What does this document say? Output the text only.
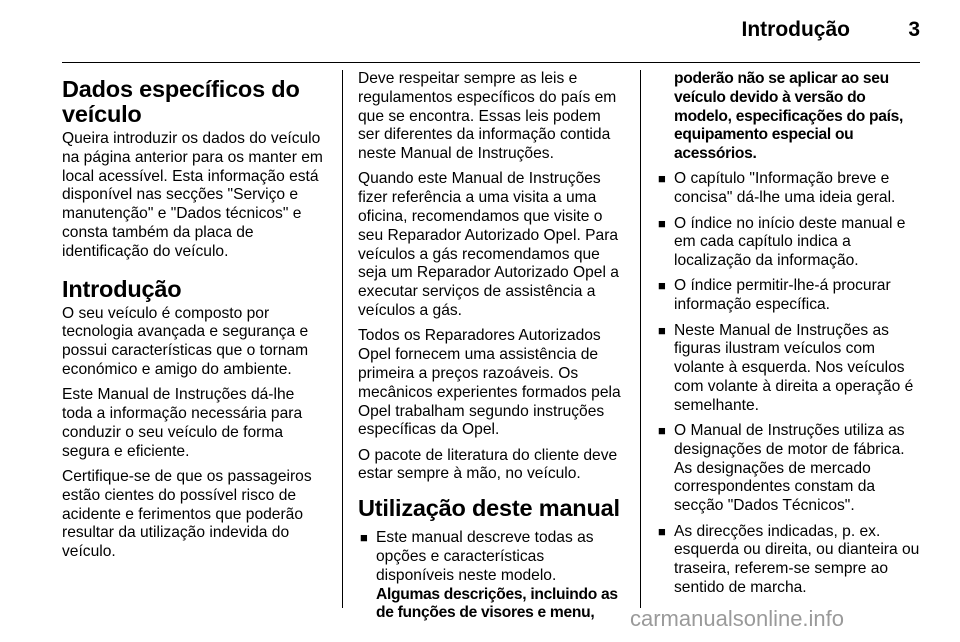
Introdução	3
Dados específicos do veículo

Queira introduzir os dados do veículo na página anterior para os manter em local acessível. Esta informação está disponível nas secções "Serviço e manutenção" e "Dados técnicos" e consta também da placa de identificação do veículo.

Introdução

O seu veículo é composto por tecnologia avançada e segurança e possui características que o tornam económico e amigo do ambiente.

Este Manual de Instruções dá-lhe toda a informação necessária para conduzir o seu veículo de forma segura e eficiente.

Certifique-se de que os passageiros estão cientes do possível risco de acidente e ferimentos que poderão resultar da utilização indevida do veículo.

Deve respeitar sempre as leis e regulamentos específicos do país em que se encontra. Essas leis podem ser diferentes da informação contida neste Manual de Instruções.

Quando este Manual de Instruções fizer referência a uma visita a uma oficina, recomendamos que visite o seu Reparador Autorizado Opel. Para veículos a gás recomendamos que seja um Reparador Autorizado Opel a executar serviços de assistência a veículos a gás.

Todos os Reparadores Autorizados Opel fornecem uma assistência de primeira a preços razoáveis. Os mecânicos experientes formados pela Opel trabalham segundo instruções específicas da Opel.

O pacote de literatura do cliente deve estar sempre à mão, no veículo.

Utilização deste manual
■ Este manual descreve todas as opções e características disponíveis neste modelo.
Algumas descrições, incluindo as de funções de visores e menu,

poderão não se aplicar ao seu veículo devido à versão do modelo, especificações do país, equipamento especial ou acessórios.

■ O capítulo "Informação breve e concisa" dá-lhe uma ideia geral.
■ O índice no início deste manual e em cada capítulo indica a localização da informação.
■ O índice permitir-lhe-á procurar informação específica.
■ Neste Manual de Instruções as figuras ilustram veículos com volante à esquerda. Nos veículos com volante à direita a operação é semelhante.
■ O Manual de Instruções utiliza as designações de motor de fábrica. As designações de mercado correspondentes constam da secção "Dados Técnicos".
■ As direcções indicadas, p. ex. esquerda ou direita, ou dianteira ou traseira, referem-se sempre ao sentido de marcha.
carmanualsonline.info
